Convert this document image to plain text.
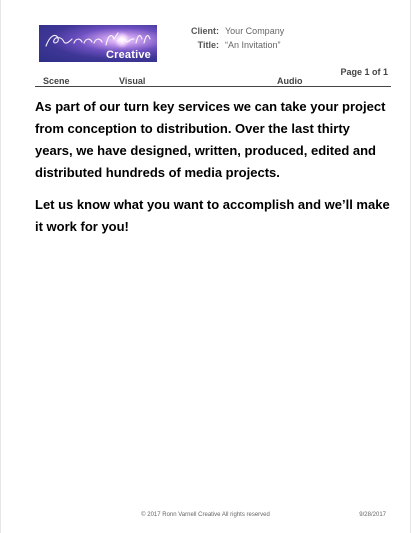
Creative
Client: Your Company
Title: “An Invitation”
Page 1 of 1
Scene	Visual	Audio

As part of our turn key services we can take your project from conception to distribution. Over the last thirty years, we have designed, written, produced, edited and distributed hundreds of media projects.

Let us know what you want to accomplish and we’ll make it work for you!

© 2017 Ronn Varnell Creative All rights reserved	9/28/2017
